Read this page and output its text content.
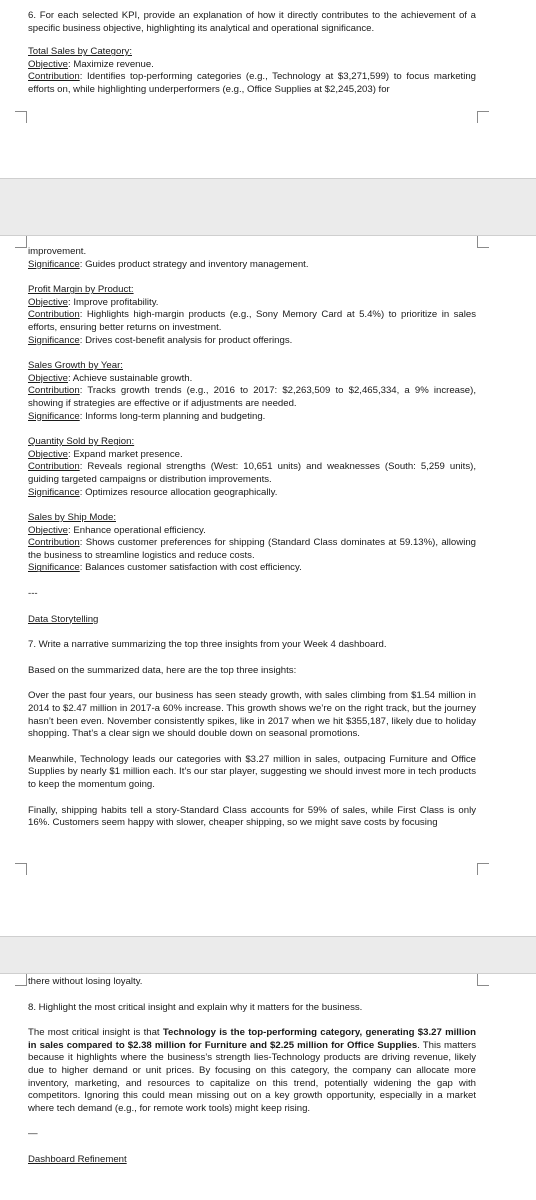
6. For each selected KPI, provide an explanation of how it directly contributes to the achievement of a specific business objective, highlighting its analytical and operational significance.

Total Sales by Category:
Objective: Maximize revenue.

Contribution: Identifies top-performing categories (e.g., Technology at $3,271,599) to focus marketing efforts on, while highlighting underperformers (e.g., Office Supplies at $2,245,203) for

improvement.
Significance: Guides product strategy and inventory management.
Profit Margin by Product:
Objective: Improve profitability.

Contribution: Highlights high-margin products (e.g., Sony Memory Card at 5.4%) to prioritize in sales efforts, ensuring better returns on investment.

Significance: Drives cost-benefit analysis for product offerings.
Sales Growth by Year:
Objective: Achieve sustainable growth.

Contribution: Tracks growth trends (e.g., 2016 to 2017: $2,263,509 to $2,465,334, a 9% increase), showing if strategies are effective or if adjustments are needed.

Significance: Informs long-term planning and budgeting.
Quantity Sold by Region:
Objective: Expand market presence.

Contribution: Reveals regional strengths (West: 10,651 units) and weaknesses (South: 5,259 units), guiding targeted campaigns or distribution improvements.

Significance: Optimizes resource allocation geographically.
Sales by Ship Mode:
Objective: Enhance operational efficiency.

Contribution: Shows customer preferences for shipping (Standard Class dominates at 59.13%), allowing the business to streamline logistics and reduce costs.

Significance: Balances customer satisfaction with cost efficiency.
---
Data Storytelling

7. Write a narrative summarizing the top three insights from your Week 4 dashboard.

Based on the summarized data, here are the top three insights:

Over the past four years, our business has seen steady growth, with sales climbing from $1.54 million in 2014 to $2.47 million in 2017-a 60% increase. This growth shows we’re on the right track, but the journey hasn’t been even. November consistently spikes, like in 2017 when we hit $355,187, likely due to holiday shopping. That’s a clear sign we should double down on seasonal promotions.

Meanwhile, Technology leads our categories with $3.27 million in sales, outpacing Furniture and Office Supplies by nearly $1 million each. It’s our star player, suggesting we should invest more in tech products to keep the momentum going.

Finally, shipping habits tell a story-Standard Class accounts for 59% of sales, while First Class is only 16%. Customers seem happy with slower, cheaper shipping, so we might save costs by focusing

there without losing loyalty.

8. Highlight the most critical insight and explain why it matters for the business.

The most critical insight is that Technology is the top-performing category, generating $3.27 million in sales compared to $2.38 million for Furniture and $2.25 million for Office Supplies. This matters because it highlights where the business’s strength lies-Technology products are driving revenue, likely due to higher demand or unit prices. By focusing on this category, the company can allocate more inventory, marketing, and resources to capitalize on this trend, potentially widening the gap with competitors. Ignoring this could mean missing out on a key growth opportunity, especially in a market where tech demand (e.g., for remote work tools) might keep rising.

—
Dashboard Refinement
